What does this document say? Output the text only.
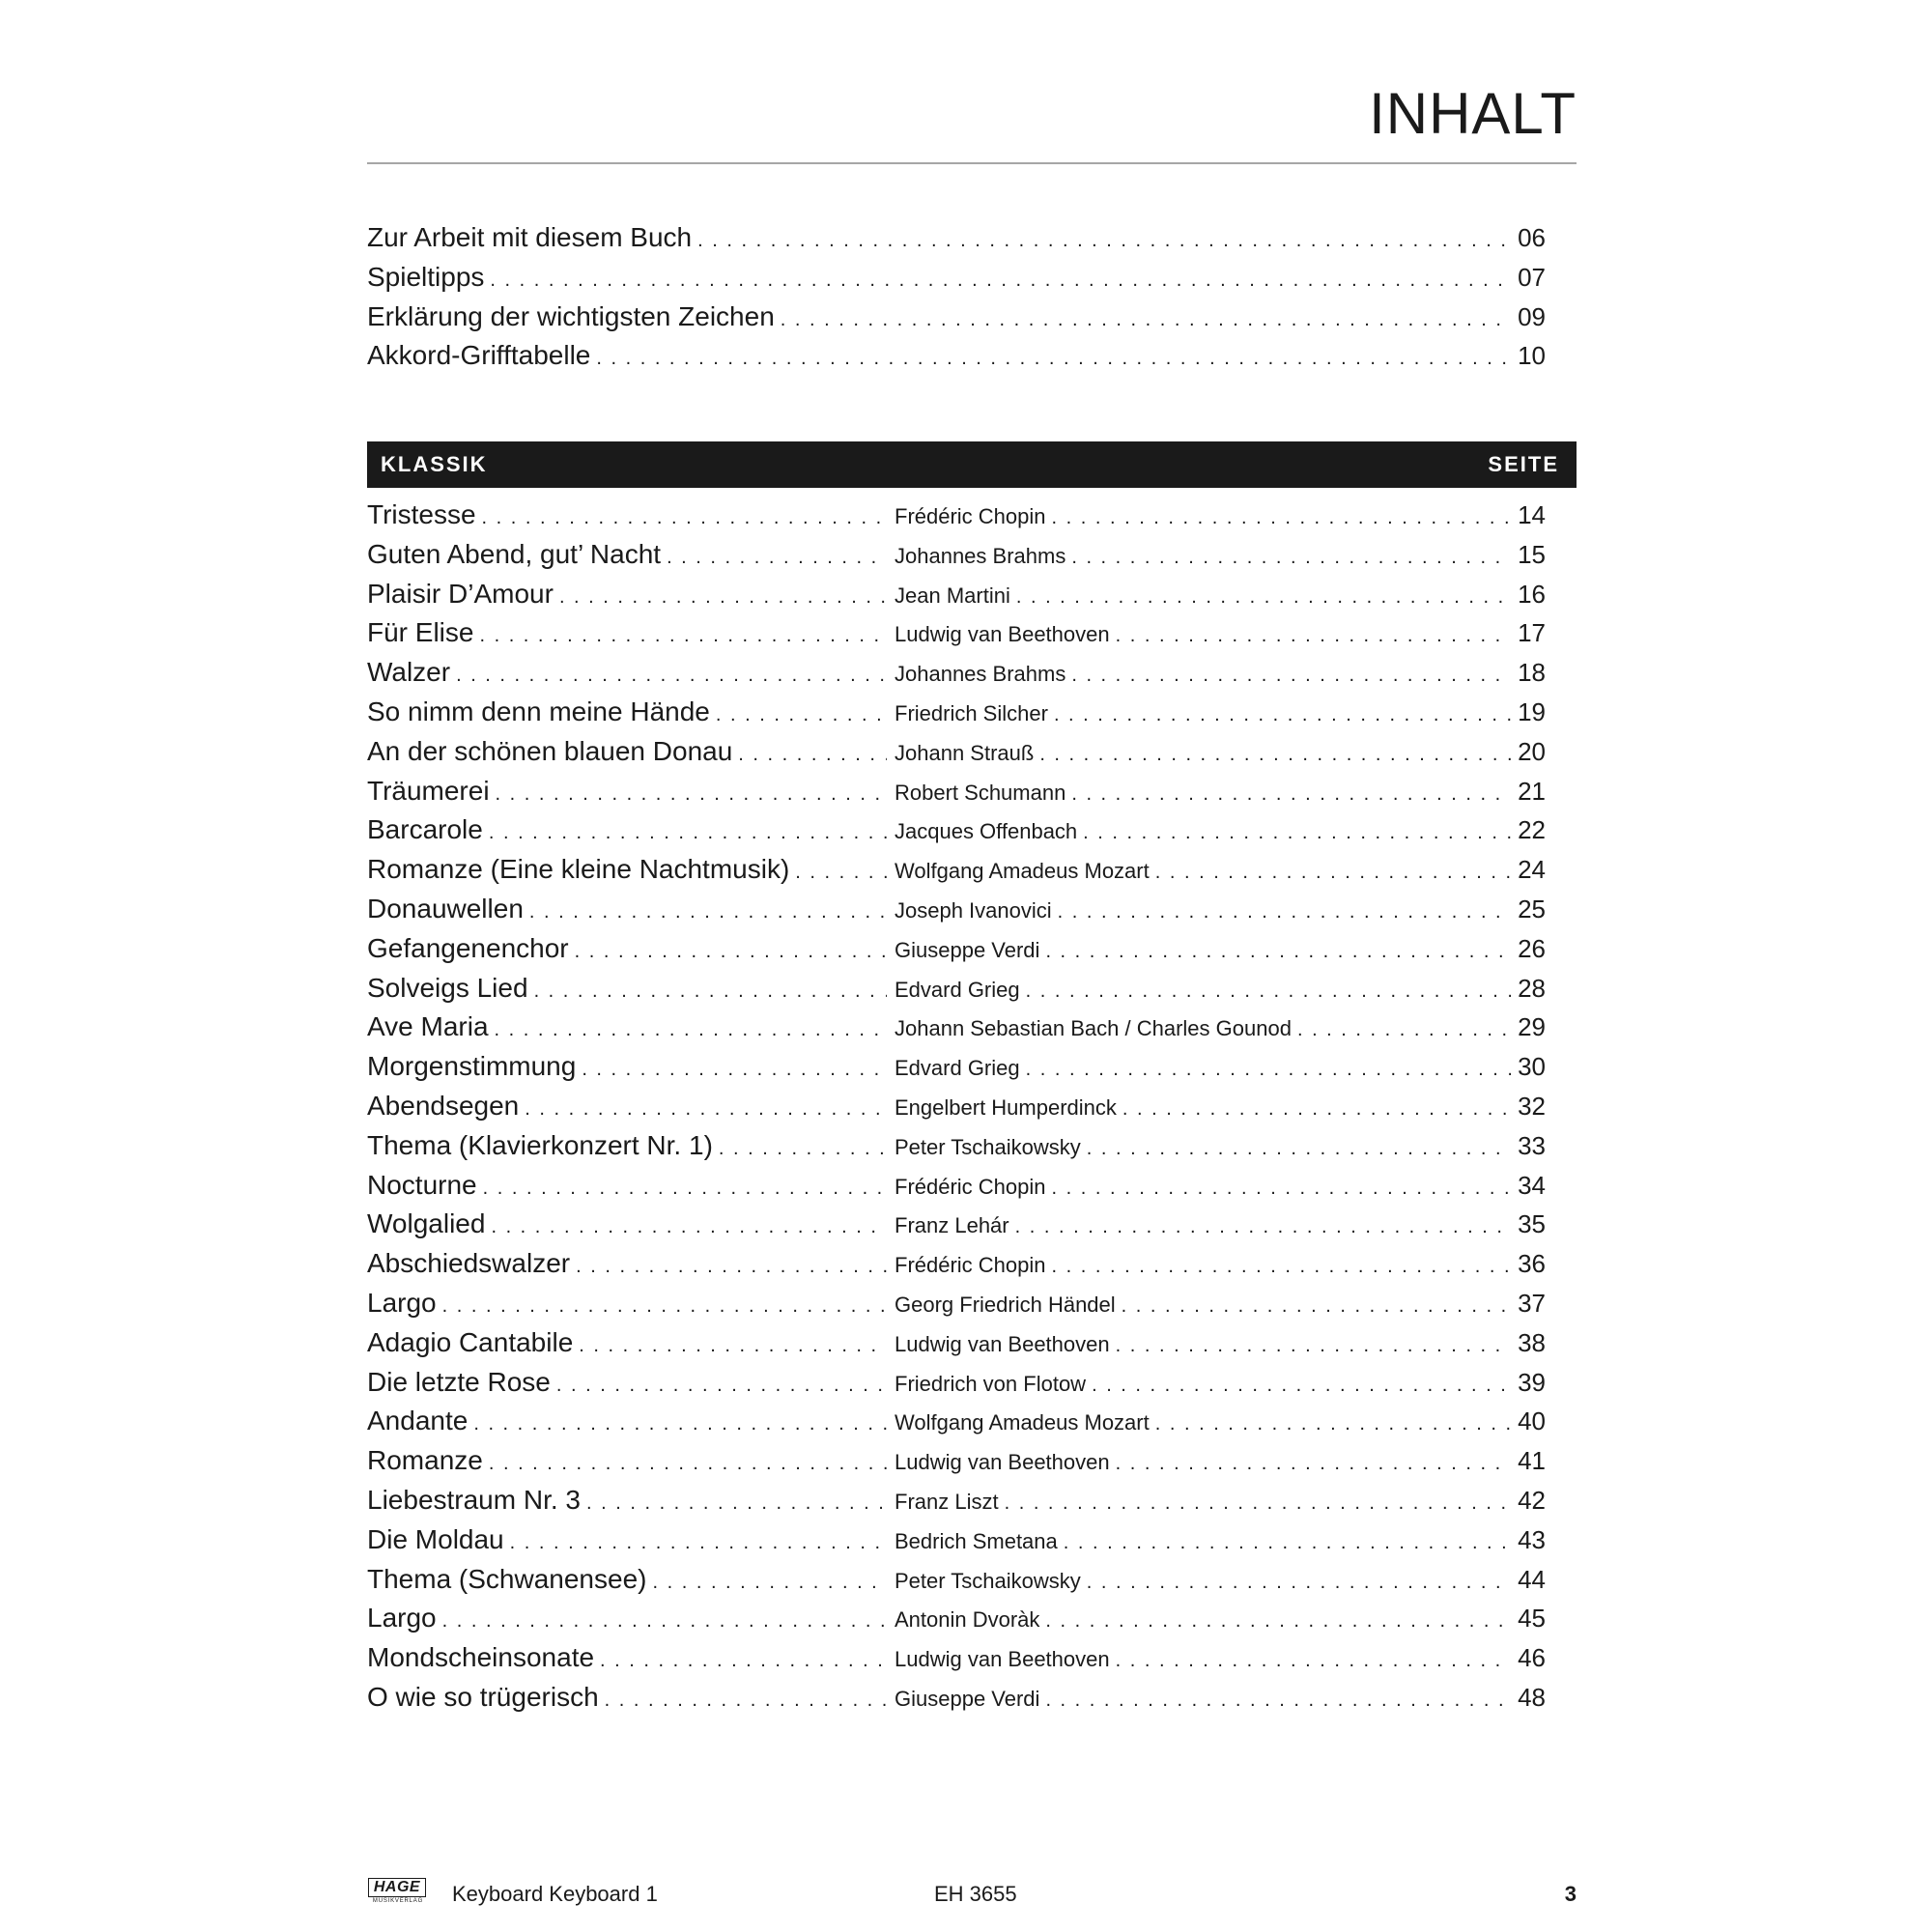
INHALT
Zur Arbeit mit diesem Buch . . .	06
Spieltipps . . .	07
Erklärung der wichtigsten Zeichen . . .	09
Akkord-Grifftabelle . . .	10
KLASSIK	SEITE
Tristesse . . .	Frédéric Chopin . . .	14
Guten Abend, gut’ Nacht . . .	Johannes Brahms . . .	15
Plaisir D’Amour . . .	Jean Martini . . .	16
Für Elise . . .	Ludwig van Beethoven . . .	17
Walzer . . .	Johannes Brahms . . .	18
So nimm denn meine Hände . . .	Friedrich Silcher . . .	19
An der schönen blauen Donau . . .	Johann Strauß . . .	20
Träumerei . . .	Robert Schumann . . .	21
Barcarole . . .	Jacques Offenbach . . .	22
Romanze (Eine kleine Nachtmusik) . . .	Wolfgang Amadeus Mozart . . .	24
Donauwellen . . .	Joseph Ivanovici . . .	25
Gefangenenchor . . .	Giuseppe Verdi . . .	26
Solveigs Lied . . .	Edvard Grieg . . .	28
Ave Maria . . .	Johann Sebastian Bach / Charles Gounod . . .	29
Morgenstimmung . . .	Edvard Grieg . . .	30
Abendsegen . . .	Engelbert Humperdinck . . .	32
Thema (Klavierkonzert Nr. 1) . . .	Peter Tschaikowsky . . .	33
Nocturne . . .	Frédéric Chopin . . .	34
Wolgalied . . .	Franz Lehár . . .	35
Abschiedswalzer . . .	Frédéric Chopin . . .	36
Largo . . .	Georg Friedrich Händel . . .	37
Adagio Cantabile . . .	Ludwig van Beethoven . . .	38
Die letzte Rose . . .	Friedrich von Flotow . . .	39
Andante . . .	Wolfgang Amadeus Mozart . . .	40
Romanze . . .	Ludwig van Beethoven . . .	41
Liebestraum Nr. 3 . . .	Franz Liszt . . .	42
Die Moldau . . .	Bedrich Smetana . . .	43
Thema (Schwanensee) . . .	Peter Tschaikowsky . . .	44
Largo . . .	Antonin Dvoràk . . .	45
Mondscheinsonate . . .	Ludwig van Beethoven . . .	46
O wie so trügerisch . . .	Giuseppe Verdi . . .	48
HAGE
MUSIKVERLAG Keyboard Keyboard 1	EH 3655	3
